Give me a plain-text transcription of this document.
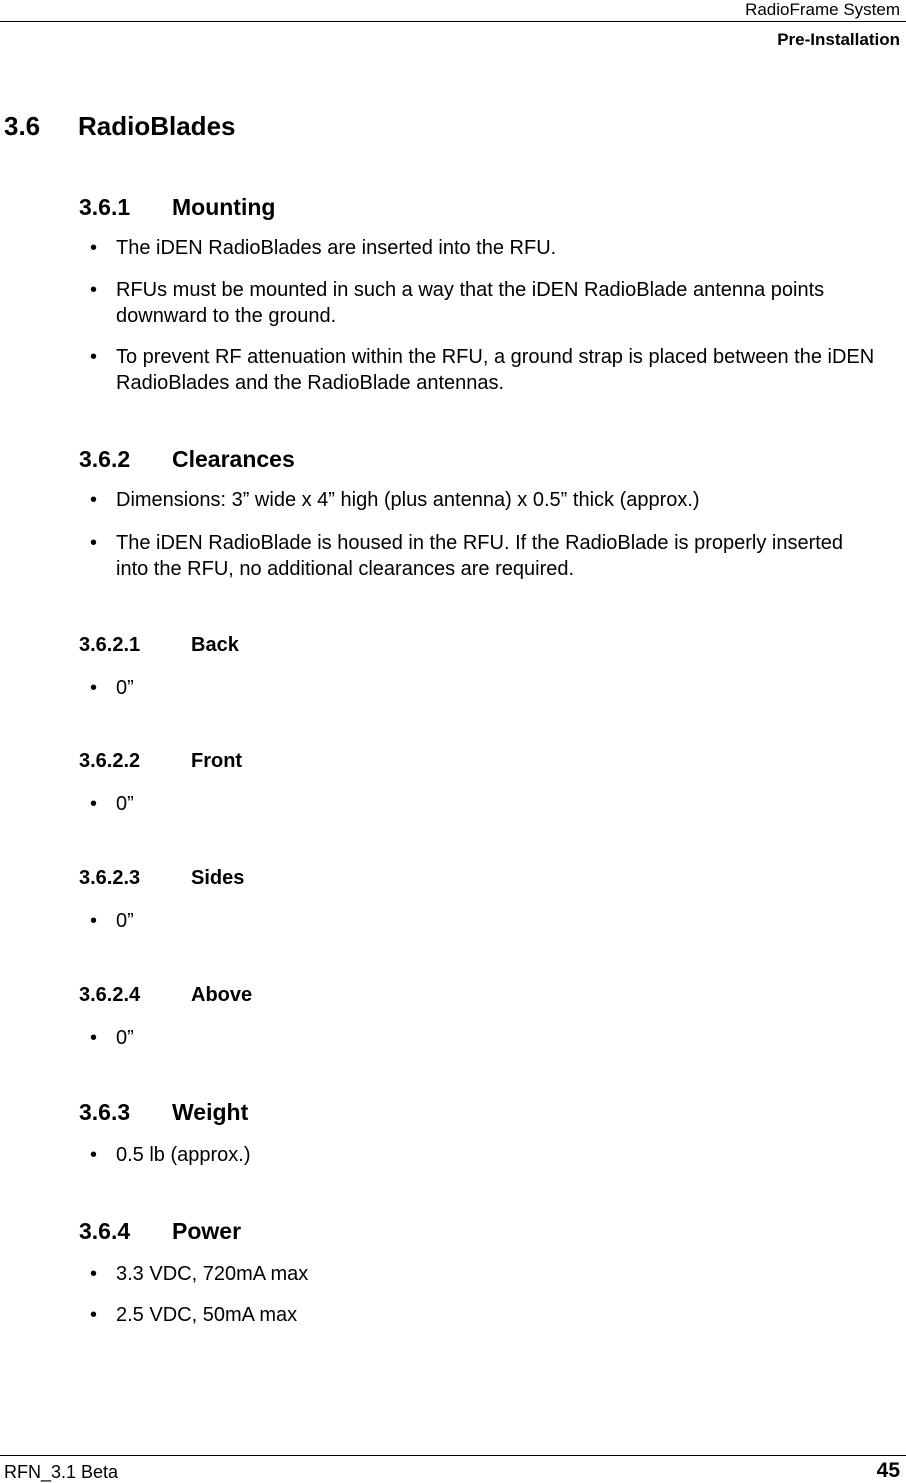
RadioFrame System
Pre-Installation
3.6 RadioBlades
3.6.1 Mounting
• The iDEN RadioBlades are inserted into the RFU.
• RFUs must be mounted in such a way that the iDEN RadioBlade antenna points downward to the ground.
• To prevent RF attenuation within the RFU, a ground strap is placed between the iDEN RadioBlades and the RadioBlade antennas.
3.6.2 Clearances
• Dimensions: 3” wide x 4” high (plus antenna) x 0.5” thick (approx.)
• The iDEN RadioBlade is housed in the RFU. If the RadioBlade is properly inserted into the RFU, no additional clearances are required.
3.6.2.1	Back
• 0”
3.6.2.2	Front
• 0”
3.6.2.3	Sides
• 0”
3.6.2.4	Above
• 0”
3.6.3 Weight
• 0.5 lb (approx.)
3.6.4 Power
• 3.3 VDC, 720mA max
• 2.5 VDC, 50mA max
RFN_3.1 Beta	45
